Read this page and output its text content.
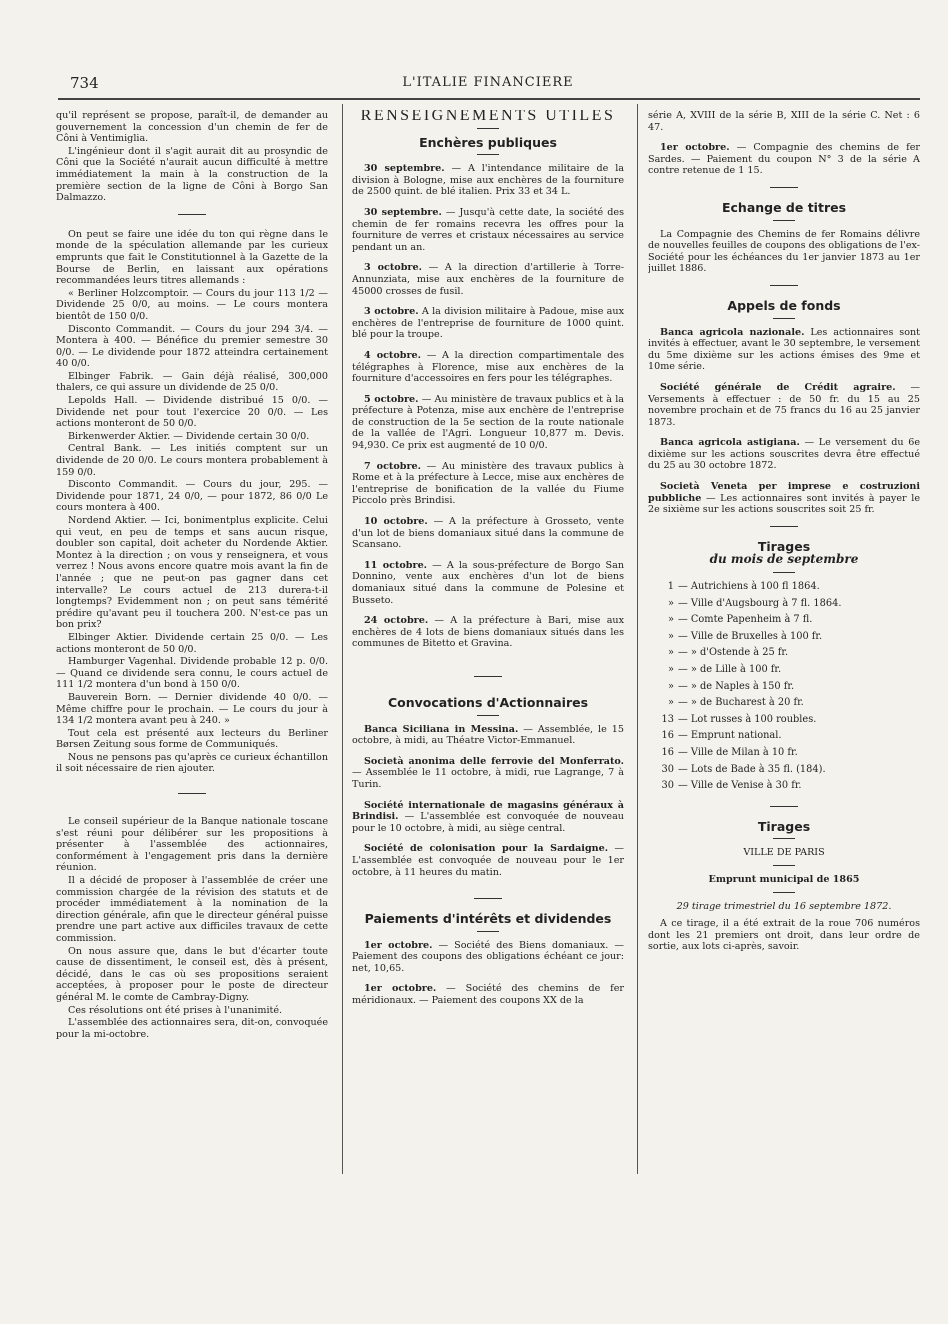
734	L'ITALIE FINANCIERE

qu'il représent se propose, paraît-il, de demander au gouvernement la concession d'un chemin de fer de Côni à Ventimiglia.

L'ingénieur dont il s'agit aurait dit au prosyndic de Côni que la Société n'aurait aucun difficulté à mettre immédiatement la main à la construction de la première section de la ligne de Côni à Borgo San Dalmazzo.

On peut se faire une idée du ton qui règne dans le monde de la spéculation allemande par les curieux emprunts que fait le Constitutionnel à la Gazette de la Bourse de Berlin, en laissant aux opérations recommandées leurs titres allemands :

« Berliner Holzcomptoir. — Cours du jour 113 1/2 — Dividende 25 0/0, au moins. — Le cours montera bientôt de 150 0/0.

Disconto Commandit. — Cours du jour 294 3/4. — Montera à 400. — Bénéfice du premier semestre 30 0/0. — Le dividende pour 1872 atteindra certainement 40 0/0.

Elbinger Fabrik. — Gain déjà réalisé, 300,000 thalers, ce qui assure un dividende de 25 0/0.

Lepolds Hall. — Dividende distribué 15 0/0. — Dividende net pour tout l'exercice 20 0/0. — Les actions monteront de 50 0/0.

Birkenwerder Aktier. — Dividende certain 30 0/0.

Central Bank. — Les initiés comptent sur un dividende de 20 0/0. Le cours montera probablement à 159 0/0.

Disconto Commandit. — Cours du jour, 295. — Dividende pour 1871, 24 0/0, — pour 1872, 86 0/0 Le cours montera à 400.

Nordend Aktier. — Ici, bonimentplus explicite. Celui qui veut, en peu de temps et sans aucun risque, doubler son capital, doit acheter du Nordende Aktier. Montez à la direction ; on vous y renseignera, et vous verrez ! Nous avons encore quatre mois avant la fin de l'année ; que ne peut-on pas gagner dans cet intervalle? Le cours actuel de 213 durera-t-il longtemps? Evidemment non ; on peut sans témérité prédire qu'avant peu il touchera 200. N'est-ce pas un bon prix?

Elbinger Aktier. Dividende certain 25 0/0. — Les actions monteront de 50 0/0.

Hamburger Vagenhal. Dividende probable 12 p. 0/0. — Quand ce dividende sera connu, le cours actuel de 111 1/2 montera d'un bond à 150 0/0.

Bauverein Born. — Dernier dividende 40 0/0. — Même chiffre pour le prochain. — Le cours du jour à 134 1/2 montera avant peu à 240. »

Tout cela est présenté aux lecteurs du Berliner Børsen Zeitung sous forme de Communiqués.

Nous ne pensons pas qu'après ce curieux échantillon il soit nécessaire de rien ajouter.

Le conseil supérieur de la Banque nationale toscane s'est réuni pour délibérer sur les propositions à présenter à l'assemblée des actionnaires, conformément à l'engagement pris dans la dernière réunion.

Il a décidé de proposer à l'assemblée de créer une commission chargée de la révision des statuts et de procéder immédiatement à la nomination de la direction générale, afin que le directeur général puisse prendre une part active aux difficiles travaux de cette commission.

On nous assure que, dans le but d'écarter toute cause de dissentiment, le conseil est, dès à présent, décidé, dans le cas où ses propositions seraient acceptées, à proposer pour le poste de directeur général M. le comte de Cambray-Digny.

Ces résolutions ont été prises à l'unanimité.

L'assemblée des actionnaires sera, dit-on, convoquée pour la mi-octobre.

RENSEIGNEMENTS UTILES
Enchères publiques

30 septembre. — A l'intendance militaire de la division à Bologne, mise aux enchères de la fourniture de 2500 quint. de blé italien. Prix 33 et 34 L.

30 septembre. — Jusqu'à cette date, la société des chemin de fer romains recevra les offres pour la fourniture de verres et cristaux nécessaires au service pendant un an.

3 octobre. — A la direction d'artillerie à Torre-Annunziata, mise aux enchères de la fourniture de 45000 crosses de fusil.

3 octobre. A la division militaire à Padoue, mise aux enchères de l'entreprise de fourniture de 1000 quint. blé pour la troupe.

4 octobre. — A la direction compartimentale des télégraphes à Florence, mise aux enchères de la fourniture d'accessoires en fers pour les télégraphes.

5 octobre. — Au ministère de travaux publics et à la préfecture à Potenza, mise aux enchère de l'entreprise de construction de la 5e section de la route nationale de la vallée de l'Agri. Longueur 10,877 m. Devis. 94,930. Ce prix est augmenté de 10 0/0.

7 octobre. — Au ministère des travaux publics à Rome et à la préfecture à Lecce, mise aux enchères de l'entreprise de bonification de la vallée du Fiume Piccolo près Brindisi.

10 octobre. — A la préfecture à Grosseto, vente d'un lot de biens domaniaux situé dans la commune de Scansano.

11 octobre. — A la sous-préfecture de Borgo San Donnino, vente aux enchères d'un lot de biens domaniaux situé dans la commune de Polesine et Busseto.

24 octobre. — A la préfecture à Bari, mise aux enchères de 4 lots de biens domaniaux situés dans les communes de Bitetto et Gravina.

Convocations d'Actionnaires

Banca Siciliana in Messina. — Assemblée, le 15 octobre, à midi, au Théatre Victor-Emmanuel.

Società anonima delle ferrovie del Monferrato. — Assemblée le 11 octobre, à midi, rue Lagrange, 7 à Turin.

Société internationale de magasins généraux à Brindisi. — L'assemblée est convoquée de nouveau pour le 10 octobre, à midi, au siège central.

Société de colonisation pour la Sardaigne. — L'assemblée est convoquée de nouveau pour le 1er octobre, à 11 heures du matin.

Paiements d'intérêts et dividendes

1er octobre. — Société des Biens domaniaux. — Paiement des coupons des obligations échéant ce jour: net, 10,65.

1er octobre. — Société des chemins de fer méridionaux. — Paiement des coupons XX de la

série A, XVIII de la série B, XIII de la série C. Net : 6 47.

1er octobre. — Compagnie des chemins de fer Sardes. — Paiement du coupon N° 3 de la série A contre retenue de 1 15.

Echange de titres

La Compagnie des Chemins de fer Romains délivre de nouvelles feuilles de coupons des obligations de l'ex-Société pour les échéances du 1er janvier 1873 au 1er juillet 1886.

Appels de fonds

Banca agricola nazionale. Les actionnaires sont invités à effectuer, avant le 30 septembre, le versement du 5me dixième sur les actions émises des 9me et 10me série.

Société générale de Crédit agraire. — Versements à effectuer : de 50 fr. du 15 au 25 novembre prochain et de 75 francs du 16 au 25 janvier 1873.

Banca agricola astigiana. — Le versement du 6e dixième sur les actions souscrites devra être effectué du 25 au 30 octobre 1872.

Società Veneta per imprese e costruzioni pubbliche — Les actionnaires sont invités à payer le 2e sixième sur les actions souscrites soit 25 fr.

Tirages
du mois de septembre
1 — Autrichiens à 100 fl 1864.
» — Ville d'Augsbourg à 7 fl. 1864.
» — Comte Papenheim à 7 fl.
» — Ville de Bruxelles à 100 fr.
» — » d'Ostende à 25 fr.
» — » de Lille à 100 fr.
» — » de Naples à 150 fr.
» — » de Bucharest à 20 fr.
13 — Lot russes à 100 roubles.
16 — Emprunt national.
16 — Ville de Milan à 10 fr.
30 — Lots de Bade à 35 fl. (184).
30 — Ville de Venise à 30 fr.
Tirages

VILLE DE PARIS

Emprunt municipal de 1865

29 tirage trimestriel du 16 septembre 1872.

A ce tirage, il a été extrait de la roue 706 numéros dont les 21 premiers ont droit, dans leur ordre de sortie, aux lots ci-après, savoir.
